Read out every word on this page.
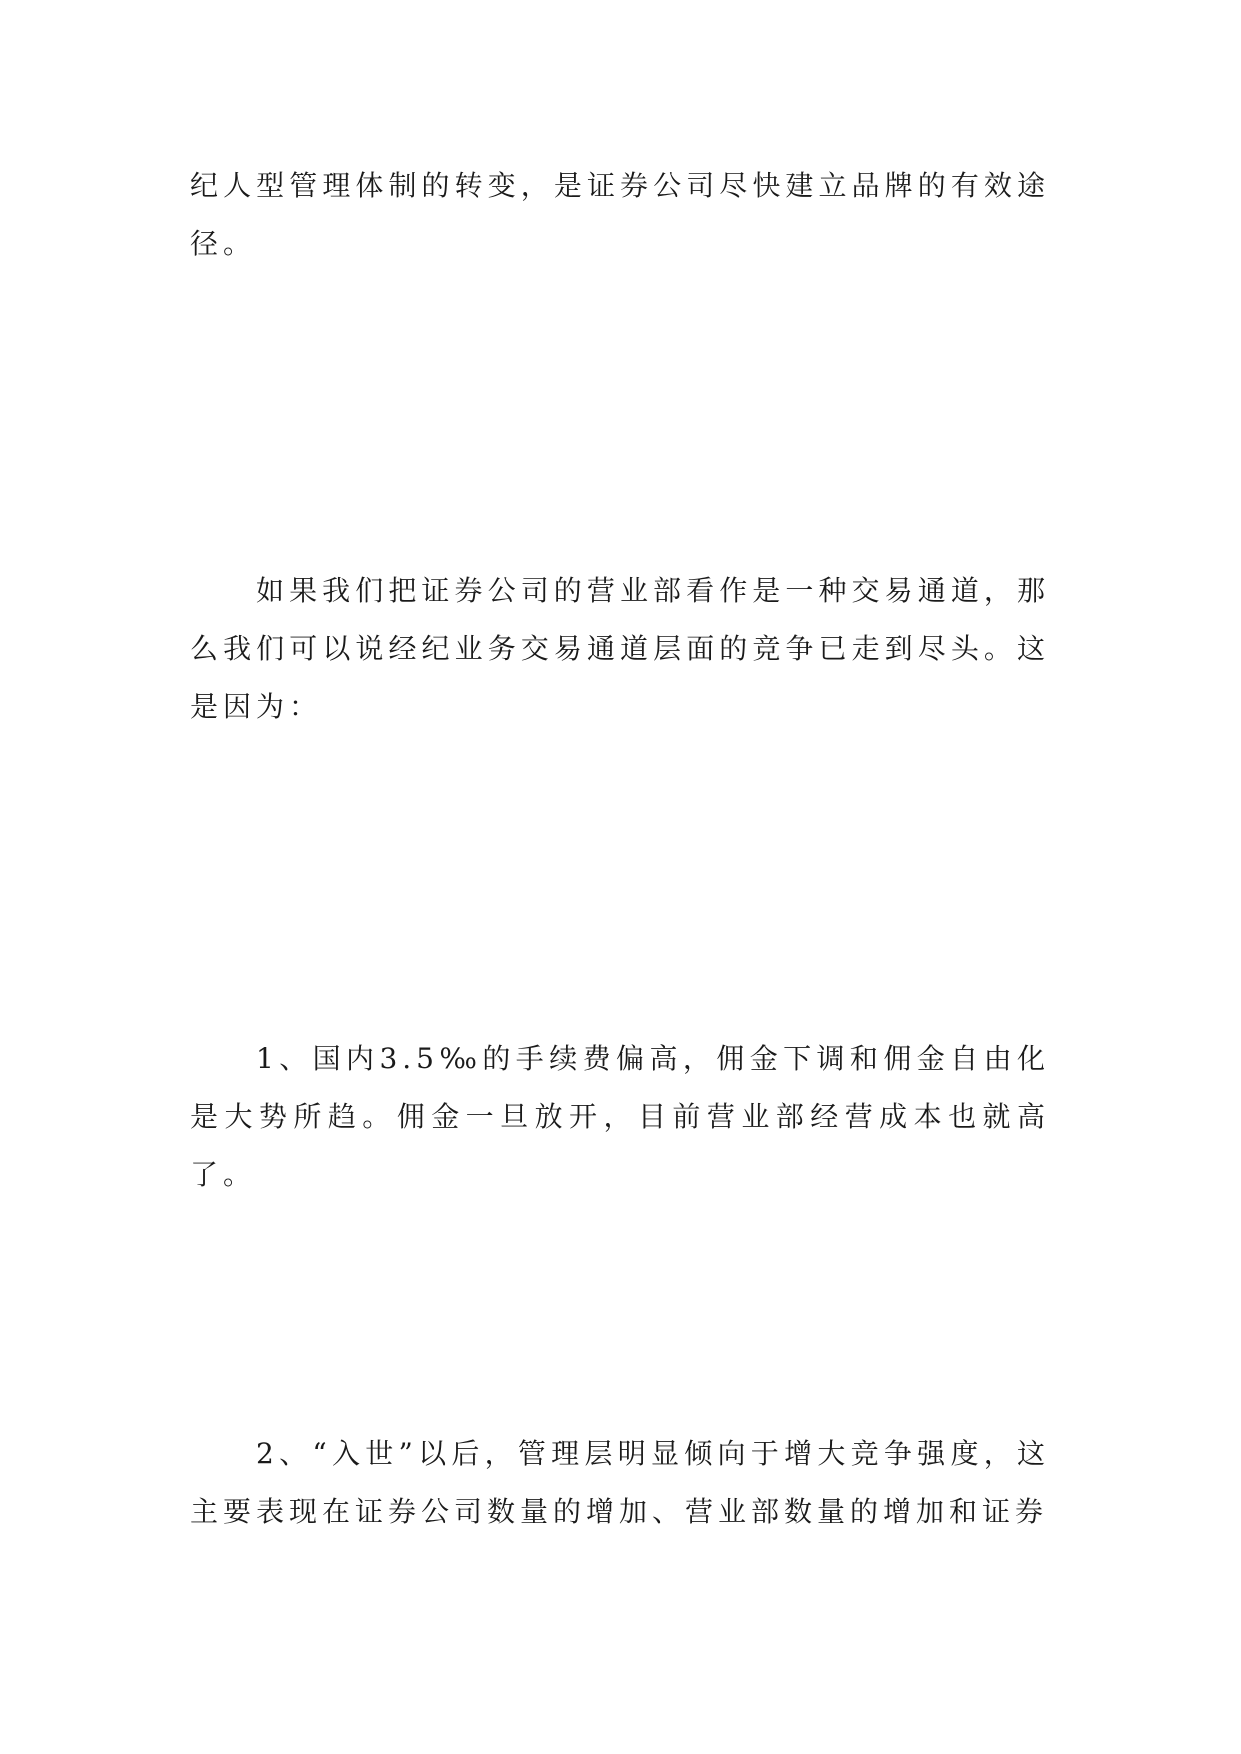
纪人型管理体制的转变，是证券公司尽快建立品牌的有效途径。

如果我们把证券公司的营业部看作是一种交易通道，那么我们可以说经纪业务交易通道层面的竞争已走到尽头。这是因为：

1、国内3.5‰的手续费偏高，佣金下调和佣金自由化是大势所趋。佣金一旦放开，目前营业部经营成本也就高了。

2、“入世”以后，管理层明显倾向于增大竞争强度，这主要表现在证券公司数量的增加、营业部数量的增加和证券
